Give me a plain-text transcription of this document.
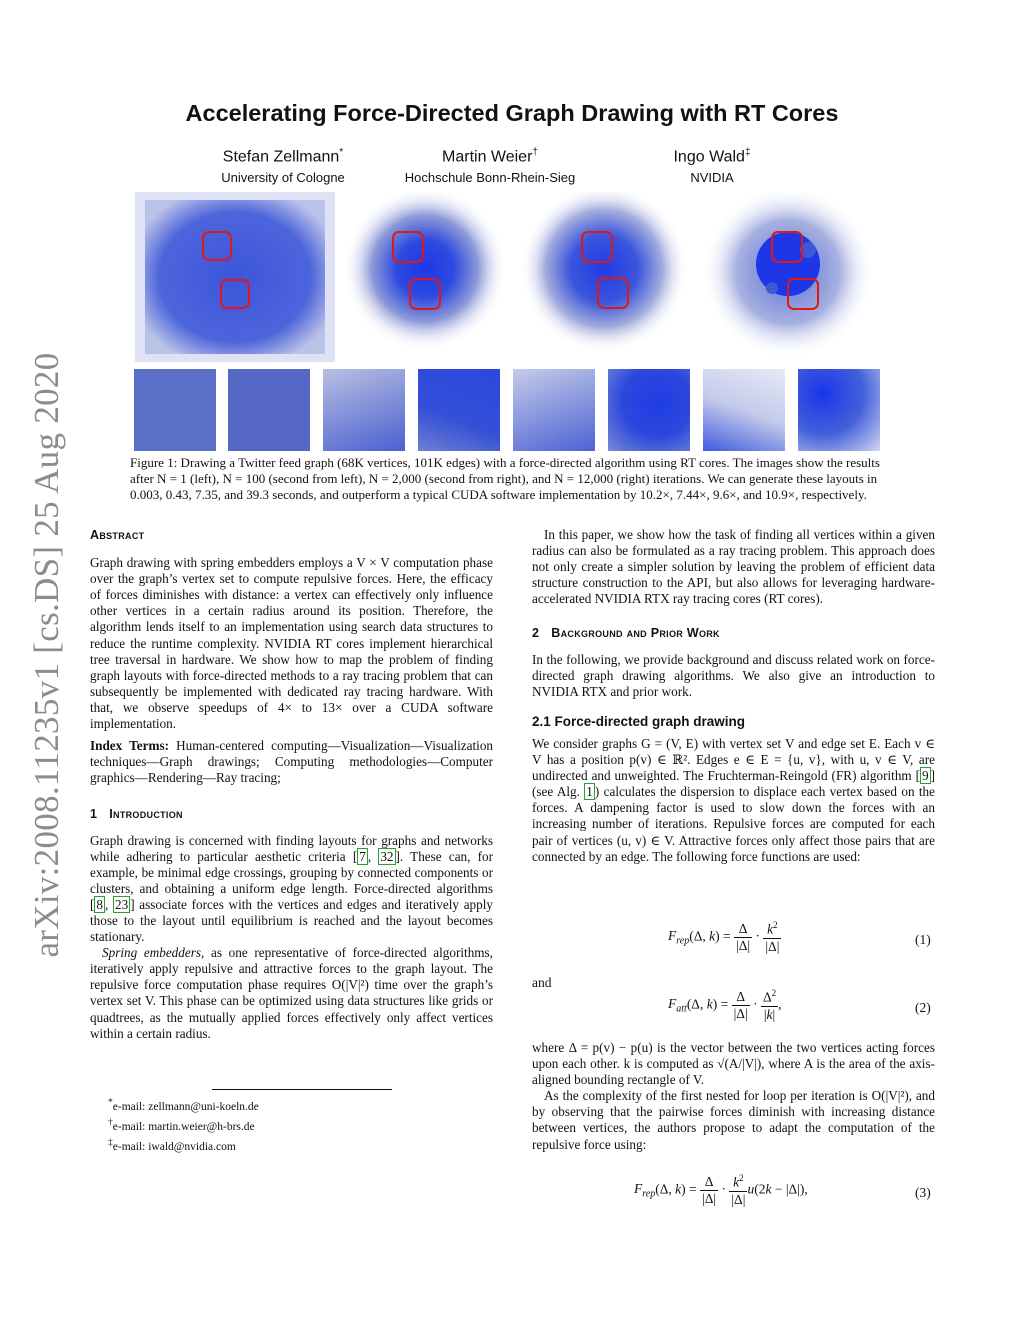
arXiv:2008.11235v1 [cs.DS] 25 Aug 2020
Accelerating Force-Directed Graph Drawing with RT Cores
Stefan Zellmann*
University of Cologne
Martin Weier†
Hochschule Bonn-Rhein-Sieg
Ingo Wald‡
NVIDIA
Figure 1: Drawing a Twitter feed graph (68K vertices, 101K edges) with a force-directed algorithm using RT cores. The images show the results after N = 1 (left), N = 100 (second from left), N = 2,000 (second from right), and N = 12,000 (right) iterations. We can generate these layouts in 0.003, 0.43, 7.35, and 39.3 seconds, and outperform a typical CUDA software implementation by 10.2×, 7.44×, 9.6×, and 10.9×, respectively.
Abstract

Graph drawing with spring embedders employs a V × V computation phase over the graph’s vertex set to compute repulsive forces. Here, the efficacy of forces diminishes with distance: a vertex can effectively only influence other vertices in a certain radius around its position. Therefore, the algorithm lends itself to an implementation using search data structures to reduce the runtime complexity. NVIDIA RT cores implement hierarchical tree traversal in hardware. We show how to map the problem of finding graph layouts with force-directed methods to a ray tracing problem that can subsequently be implemented with dedicated ray tracing hardware. With that, we observe speedups of 4× to 13× over a CUDA software implementation.

Index Terms: Human-centered computing—Visualization—Visualization techniques—Graph drawings; Computing methodologies—Computer graphics—Rendering—Ray tracing;

1 Introduction

Graph drawing is concerned with finding layouts for graphs and networks while adhering to particular aesthetic criteria [ 7 , 32 ]. These can, for example, be minimal edge crossings, grouping by connected components or clusters, and obtaining a uniform edge length. Force-directed algorithms [ 8 , 23 ] associate forces with the vertices and edges and iteratively apply those to the layout until equilibrium is reached and the layout becomes stationary.

Spring embedders, as one representative of force-directed algorithms, iteratively apply repulsive and attractive forces to the graph layout. The repulsive force computation phase requires O(|V|²) time over the graph’s vertex set V. This phase can be optimized using data structures like grids or quadtrees, as the mutually applied forces effectively only affect vertices within a certain radius.

*e-mail: zellmann@uni-koeln.de
†e-mail: martin.weier@h-brs.de
‡e-mail: iwald@nvidia.com

In this paper, we show how the task of finding all vertices within a given radius can also be formulated as a ray tracing problem. This approach does not only create a simpler solution by leaving the problem of efficient data structure construction to the API, but also allows for leveraging hardware-accelerated NVIDIA RTX ray tracing cores (RT cores).

2 Background and Prior Work

In the following, we provide background and discuss related work on force-directed graph drawing algorithms. We also give an introduction to NVIDIA RTX and prior work.

2.1 Force-directed graph drawing

We consider graphs G = (V, E) with vertex set V and edge set E. Each v ∈ V has a position p(v) ∈ ℝ². Edges e ∈ E = {u, v}, with u, v ∈ V, are undirected and unweighted. The Fruchterman-Reingold (FR) algorithm [ 9 ] (see Alg. 1 ) calculates the dispersion to displace each vertex based on the forces. A dampening factor is used to slow down the forces with an increasing number of iterations. Repulsive forces are computed for each pair of vertices (u, v) ∈ V. Attractive forces only affect those pairs that are connected by an edge. The following force functions are used:

$F_{rep}(\Delta$, $k) = \frac{\Delta}{|\Delta|} \cdot \frac{k^2}{|\Delta|}$	(1)
and
$F_{att}(\Delta$, $k) = \frac{\Delta}{|\Delta|} \cdot \frac{\Delta^2}{|k|}$ ,	(2)

where Δ = p(v) − p(u) is the vector between the two vertices acting forces upon each other. k is computed as √(A/|V|), where A is the area of the axis-aligned bounding rectangle of V.

As the complexity of the first nested for loop per iteration is O(|V|²), and by observing that the pairwise forces diminish with increasing distance between vertices, the authors propose to adapt the computation of the repulsive force using:

$F_{rep}(\Delta$, $k) = \frac{\Delta}{|\Delta|} \cdot \frac{k^2}{|\Delta|} u(2k - |\Delta|)$,	(3)
